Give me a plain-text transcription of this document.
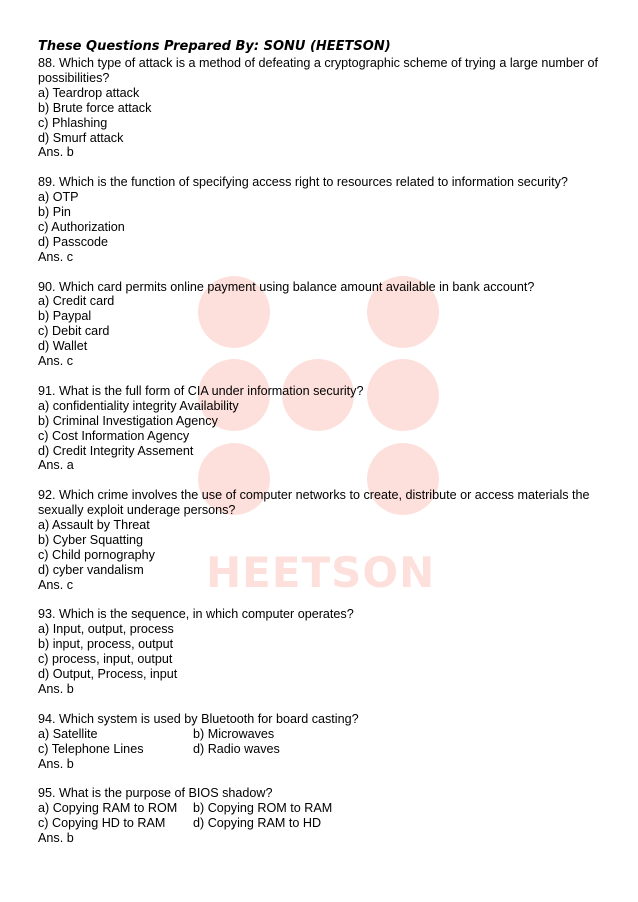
HEETSON
These Questions Prepared By: SONU (HEETSON)
88. Which type of attack is a method of defeating a cryptographic scheme of trying a large number of possibilities?
a) Teardrop attack
b) Brute force attack
c) Phlashing
d) Smurf attack
Ans. b
89. Which is the function of specifying access right to resources related to information security?
a) OTP
b) Pin
c) Authorization
d) Passcode
Ans. c
90. Which card permits online payment using balance amount available in bank account?
a) Credit card
b) Paypal
c) Debit card
d) Wallet
Ans. c
91. What is the full form of CIA under information security?
a) confidentiality integrity Availability
b) Criminal Investigation Agency
c) Cost Information Agency
d) Credit Integrity Assement
Ans. a
92. Which crime involves the use of computer networks to create, distribute or access materials the sexually exploit underage persons?
a) Assault by Threat
b) Cyber Squatting
c) Child pornography
d) cyber vandalism
Ans. c
93. Which is the sequence, in which computer operates?
a) Input, output, process
b) input, process, output
c) process, input, output
d) Output, Process, input
Ans. b
94. Which system is used by Bluetooth for board casting?
a) Satellite	b) Microwaves
c) Telephone Lines	d) Radio waves
Ans. b
95. What is the purpose of BIOS shadow?
a) Copying RAM to ROM	b) Copying ROM to RAM
c) Copying HD to RAM	d) Copying RAM to HD
Ans. b
